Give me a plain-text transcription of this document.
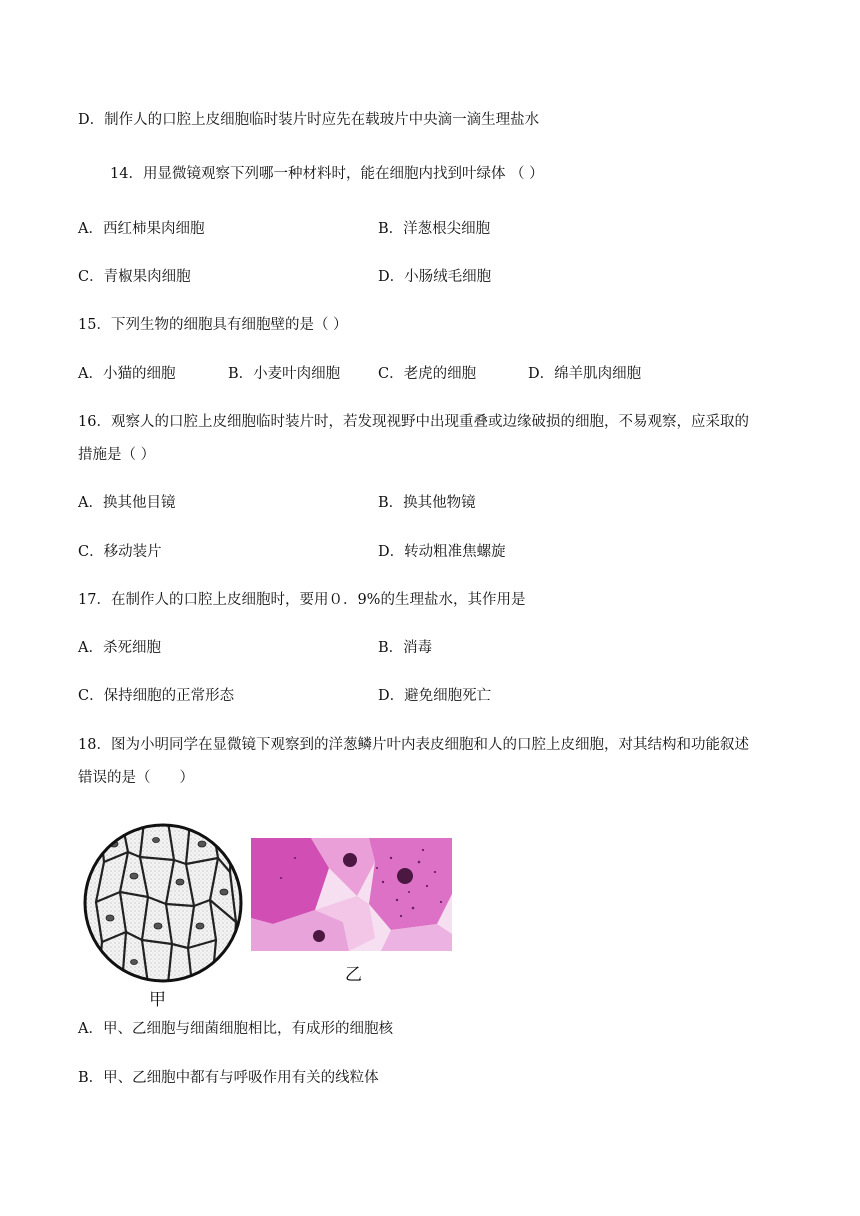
D．制作人的口腔上皮细胞临时装片时应先在载玻片中央滴一滴生理盐水
14．用显微镜观察下列哪一种材料时，能在细胞内找到叶绿体 （ ）
A．西红柿果肉细胞	B．洋葱根尖细胞
C．青椒果肉细胞	D．小肠绒毛细胞
15．下列生物的细胞具有细胞壁的是（ ）
A．小猫的细胞	B．小麦叶肉细胞	C．老虎的细胞	D．绵羊肌肉细胞
16．观察人的口腔上皮细胞临时装片时，若发现视野中出现重叠或边缘破损的细胞，不易观察，应采取的
措施是（ ）
A．换其他目镜	B．换其他物镜
C．移动装片	D．转动粗准焦螺旋
17．在制作人的口腔上皮细胞时，要用０．9%的生理盐水，其作用是
A．杀死细胞	B．消毒
C．保持细胞的正常形态	D．避免细胞死亡
18．图为小明同学在显微镜下观察到的洋葱鳞片叶内表皮细胞和人的口腔上皮细胞，对其结构和功能叙述
错误的是（　　）
甲
乙
A．甲、乙细胞与细菌细胞相比，有成形的细胞核
B．甲、乙细胞中都有与呼吸作用有关的线粒体
